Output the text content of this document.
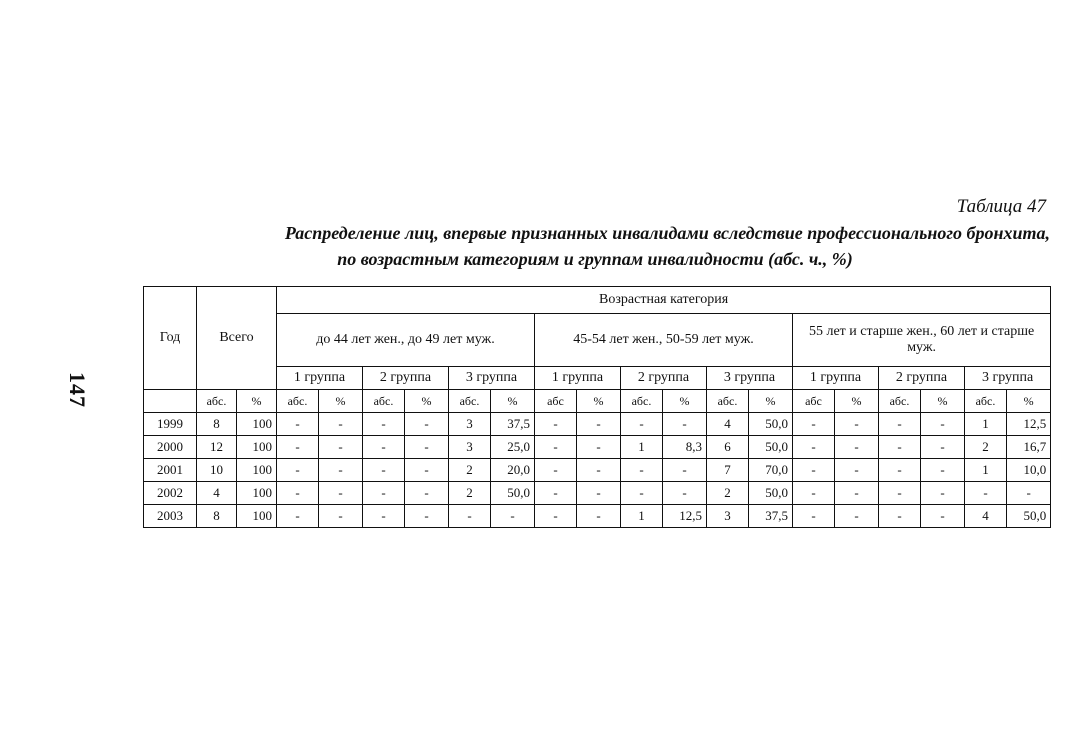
147
Таблица 47
Распределение лиц, впервые признанных инвалидами вследствие профессионального бронхита,
по возрастным категориям и группам инвалидности (абс. ч., %)
Год	Всего		Возрастная категория																	
			до 44 лет жен., до 49 лет муж.						45-54 лет жен., 50-59 лет муж.						55 лет и старше жен., 60 лет и старше муж.					
			1 группа		2 группа		3 группа		1 группа		2 группа		3 группа		1 группа		2 группа		3 группа	
	абс.	%	абс.	%	абс.	%	абс.	%	абс	%	абс.	%	абс.	%	абс	%	абс.	%	абс.	%
1999	8	100	-	-	-	-	3	37,5	-	-	-	-	4	50,0	-	-	-	-	1	12,5
2000	12	100	-	-	-	-	3	25,0	-	-	1	8,3	6	50,0	-	-	-	-	2	16,7
2001	10	100	-	-	-	-	2	20,0	-	-	-	-	7	70,0	-	-	-	-	1	10,0
2002	4	100	-	-	-	-	2	50,0	-	-	-	-	2	50,0	-	-	-	-	-	-
2003	8	100	-	-	-	-	-	-	-	-	1	12,5	3	37,5	-	-	-	-	4	50,0
